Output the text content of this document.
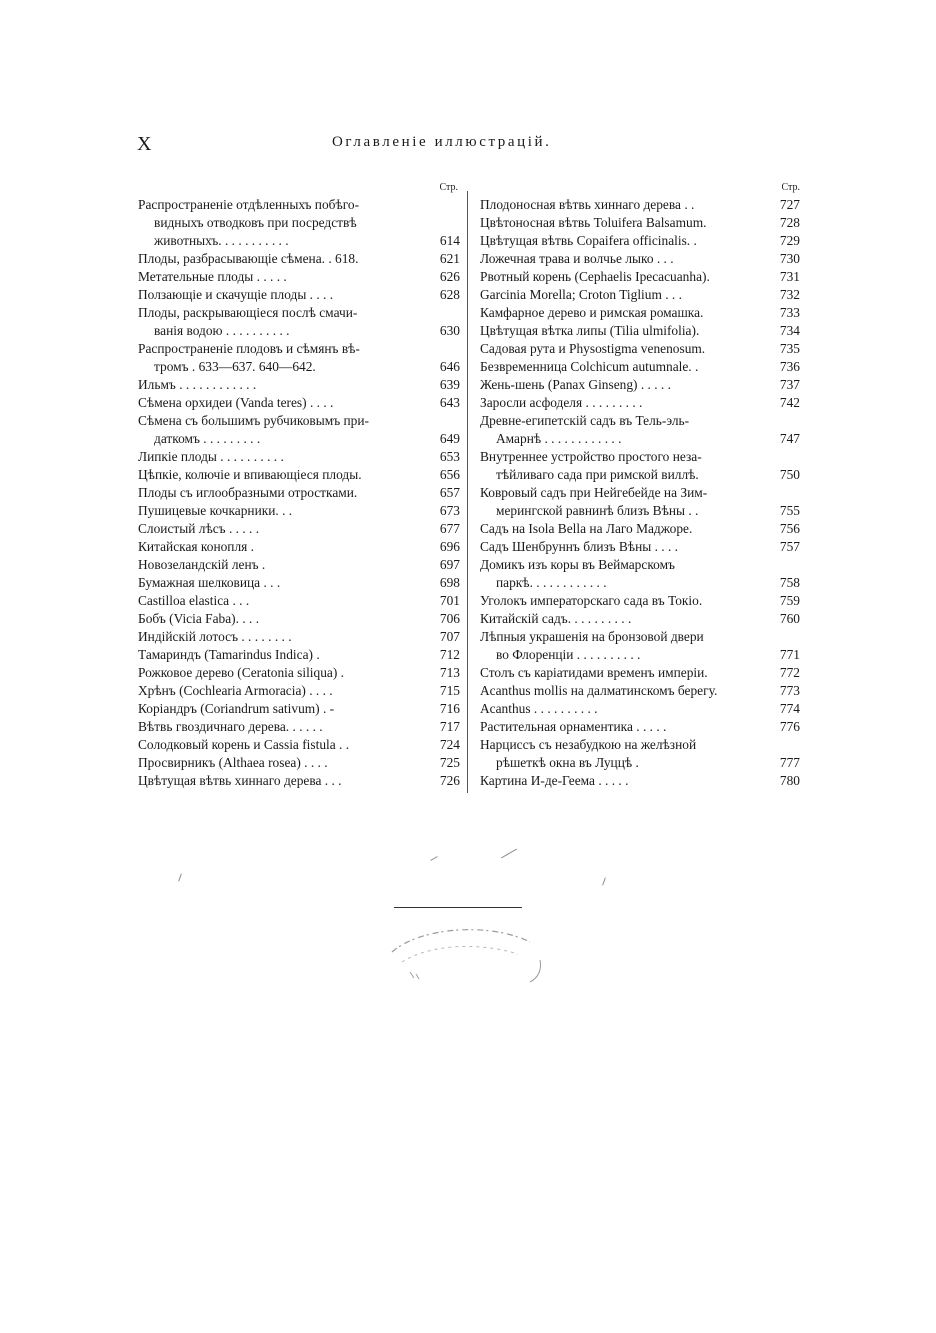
X	Оглавленіе иллюстрацій.
Стр.
Распространеніе отдѣленныхъ побѣго-
видныхъ отводковъ при посредствѣ
животныхъ. . . . . . . . . . .	614
Плоды, разбрасывающіе сѣмена. . 618.	621
Метательные плоды . . . . .	626
Ползающіе и скачущіе плоды . . . .	628
Плоды, раскрывающіеся послѣ смачи-
ванія водою . . . . . . . . . .	630
Распространеніе плодовъ и сѣмянъ вѣ-
тромъ . 633—637. 640—642.	646
Ильмъ . . . . . . . . . . . .	639
Сѣмена орхидеи (Vanda teres) . . . .	643
Сѣмена съ большимъ рубчиковымъ при-
даткомъ . . . . . . . . .	649
Липкіе плоды . . . . . . . . . .	653
Цѣпкіе, колючіе и впивающіеся плоды.	656
Плоды съ иглообразными отростками.	657
Пушицевые кочкарники. . .	673
Слоистый лѣсъ . . . . .	677
Китайская конопля .	696
Новозеландскій ленъ .	697
Бумажная шелковица . . .	698
Castilloa elastica . . .	701
Бобъ (Vicia Faba). . . .	706
Индійскій лотосъ . . . . . . . .	707
Тамариндъ (Tamarindus Indica) .	712
Рожковое дерево (Ceratonia siliqua) .	713
Хрѣнъ (Cochlearia Armoracia) . . . .	715
Коріандръ (Coriandrum sativum) . -	716
Вѣтвь гвоздичнаго дерева. . . . . .	717
Солодковый корень и Cassia fistula . .	724
Просвирникъ (Althaea rosea) . . . .	725
Цвѣтущая вѣтвь хиннаго дерева . . .	726
Стр.
Плодоносная вѣтвь хиннаго дерева . .	727
Цвѣтоносная вѣтвь Toluifera Balsamum.	728
Цвѣтущая вѣтвь Copaifera officinalis. .	729
Ложечная трава и волчье лыко . . .	730
Рвотный корень (Cephaelis Ipecacuanha).	731
Garcinia Morella; Croton Tiglium . . .	732
Камфарное дерево и римская ромашка.	733
Цвѣтущая вѣтка липы (Tilia ulmifolia).	734
Садовая рута и Physostigma venenosum.	735
Безвременница Colchicum autumnale. .	736
Жень-шень (Panax Ginseng) . . . . .	737
Заросли асфоделя . . . . . . . . .	742
Древне-египетскій садъ въ Тель-эль-
Амарнѣ . . . . . . . . . . . .	747
Внутреннее устройство простого неза-
тѣйливаго сада при римской виллѣ.	750
Ковровый садъ при Нейгебейде на Зим-
мерингской равнинѣ близъ Вѣны . .	755
Садъ на Isola Bella на Лаго Маджоре.	756
Садъ Шенбруннъ близъ Вѣны . . . .	757
Домикъ изъ коры въ Веймарскомъ
паркѣ. . . . . . . . . . . .	758
Уголокъ императорскаго сада въ Токіо.	759
Китайскій садъ. . . . . . . . . .	760
Лѣпныя украшенія на бронзовой двери
во Флоренціи . . . . . . . . . .	771
Столъ съ каріатидами временъ имперіи.	772
Acanthus mollis на далматинскомъ берегу.	773
Acanthus . . . . . . . . . .	774
Растительная орнаментика . . . . .	776
Нарциссъ съ незабудкою на желѣзной
рѣшеткѣ окна въ Луццѣ .	777
Картина И-де-Геема . . . . .	780
